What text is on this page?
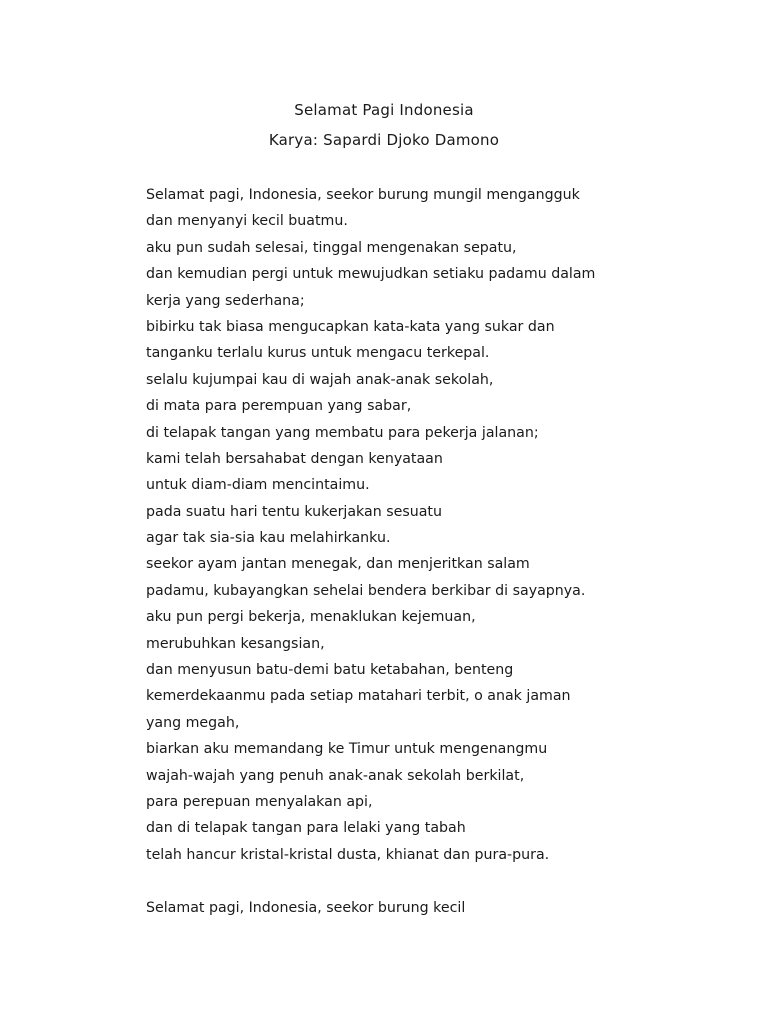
Selamat Pagi Indonesia
Karya: Sapardi Djoko Damono
Selamat pagi, Indonesia, seekor burung mungil mengangguk
dan menyanyi kecil buatmu.
aku pun sudah selesai, tinggal mengenakan sepatu,
dan kemudian pergi untuk mewujudkan setiaku padamu dalam
kerja yang sederhana;
bibirku tak biasa mengucapkan kata-kata yang sukar dan
tanganku terlalu kurus untuk mengacu terkepal.
selalu kujumpai kau di wajah anak-anak sekolah,
di mata para perempuan yang sabar,
di telapak tangan yang membatu para pekerja jalanan;
kami telah bersahabat dengan kenyataan
untuk diam-diam mencintaimu.
pada suatu hari tentu kukerjakan sesuatu
agar tak sia-sia kau melahirkanku.
seekor ayam jantan menegak, dan menjeritkan salam
padamu, kubayangkan sehelai bendera berkibar di sayapnya.
aku pun pergi bekerja, menaklukan kejemuan,
merubuhkan kesangsian,
dan menyusun batu-demi batu ketabahan, benteng
kemerdekaanmu pada setiap matahari terbit, o anak jaman
yang megah,
biarkan aku memandang ke Timur untuk mengenangmu
wajah-wajah yang penuh anak-anak sekolah berkilat,
para perepuan menyalakan api,
dan di telapak tangan para lelaki yang tabah
telah hancur kristal-kristal dusta, khianat dan pura-pura.
Selamat pagi, Indonesia, seekor burung kecil
